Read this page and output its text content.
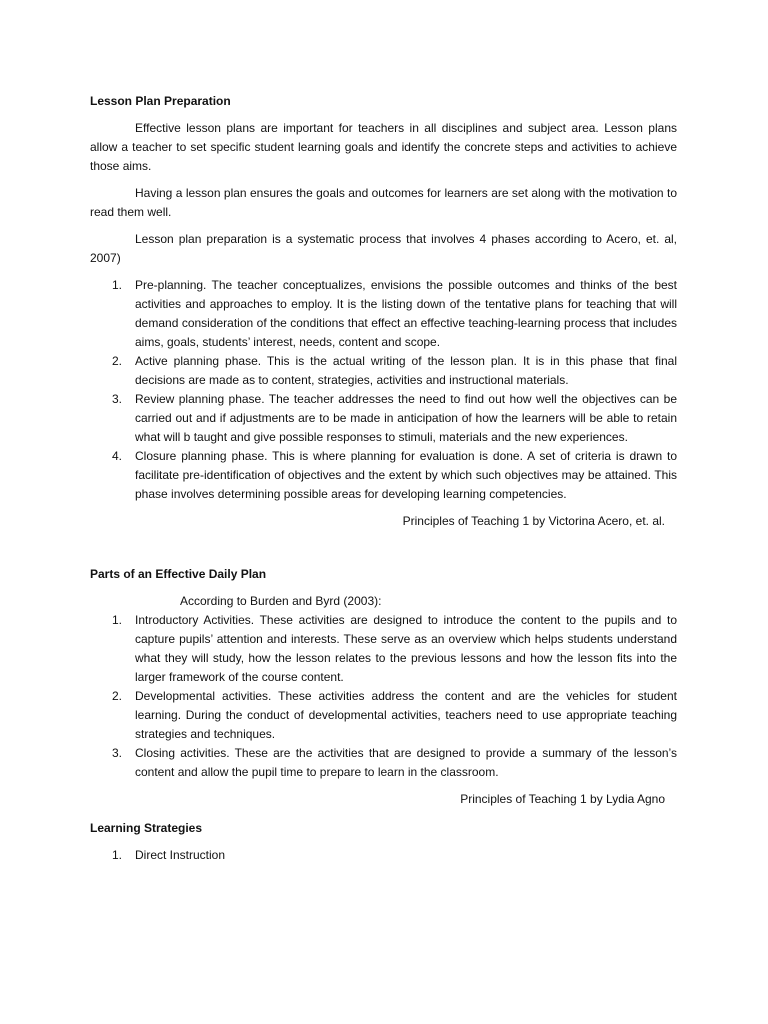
Lesson Plan Preparation

Effective lesson plans are important for teachers in all disciplines and subject area. Lesson plans allow a teacher to set specific student learning goals and identify the concrete steps and activities to achieve those aims.

Having a lesson plan ensures the goals and outcomes for learners are set along with the motivation to read them well.

Lesson plan preparation is a systematic process that involves 4 phases according to Acero, et. al, 2007)

1. Pre-planning. The teacher conceptualizes, envisions the possible outcomes and thinks of the best activities and approaches to employ. It is the listing down of the tentative plans for teaching that will demand consideration of the conditions that effect an effective teaching-learning process that includes aims, goals, students’ interest, needs, content and scope.
2. Active planning phase. This is the actual writing of the lesson plan. It is in this phase that final decisions are made as to content, strategies, activities and instructional materials.
3. Review planning phase. The teacher addresses the need to find out how well the objectives can be carried out and if adjustments are to be made in anticipation of how the learners will be able to retain what will b taught and give possible responses to stimuli, materials and the new experiences.
4. Closure planning phase. This is where planning for evaluation is done. A set of criteria is drawn to facilitate pre-identification of objectives and the extent by which such objectives may be attained. This phase involves determining possible areas for developing learning competencies.
Principles of Teaching 1 by Victorina Acero, et. al.
Parts of an Effective Daily Plan
According to Burden and Byrd (2003):
1. Introductory Activities. These activities are designed to introduce the content to the pupils and to capture pupils’ attention and interests. These serve as an overview which helps students understand what they will study, how the lesson relates to the previous lessons and how the lesson fits into the larger framework of the course content.
2. Developmental activities. These activities address the content and are the vehicles for student learning. During the conduct of developmental activities, teachers need to use appropriate teaching strategies and techniques.
3. Closing activities. These are the activities that are designed to provide a summary of the lesson’s content and allow the pupil time to prepare to learn in the classroom.
Principles of Teaching 1 by Lydia Agno
Learning Strategies
1. Direct Instruction
